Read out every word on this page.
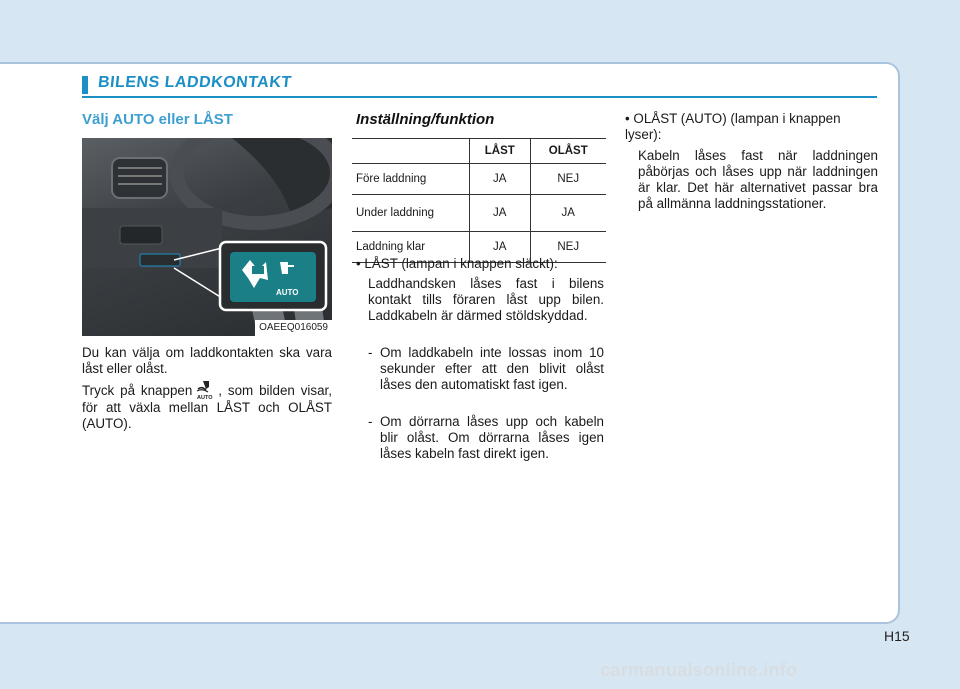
BILENS LADDKONTAKT
Välj AUTO eller LÅST
AUTO
OAEEQ016059

Du kan välja om laddkontakten ska vara låst eller olåst.

Tryck på knappen AUTO , som bilden visar, för att växla mellan LÅST och OLÅST (AUTO).

Inställning/funktion
	LÅST	OLÅST
Före laddning	JA	NEJ
Under laddning	JA	JA
Laddning klar	JA	NEJ
• LÅST (lampan i knappen släckt):

Laddhandsken låses fast i bilens kontakt tills föraren låst upp bilen. Laddkabeln är därmed stöldskyddad.

- Om laddkabeln inte lossas inom 10 sekunder efter att den blivit olåst låses den automatiskt fast igen.

- Om dörrarna låses upp och kabeln blir olåst. Om dörrarna låses igen låses kabeln fast direkt igen.

• OLÅST (AUTO) (lampan i knappen lyser):

Kabeln låses fast när laddningen påbörjas och låses upp när laddningen är klar. Det här alternativet passar bra på allmänna laddningsstationer.

H15
carmanualsonline.info
